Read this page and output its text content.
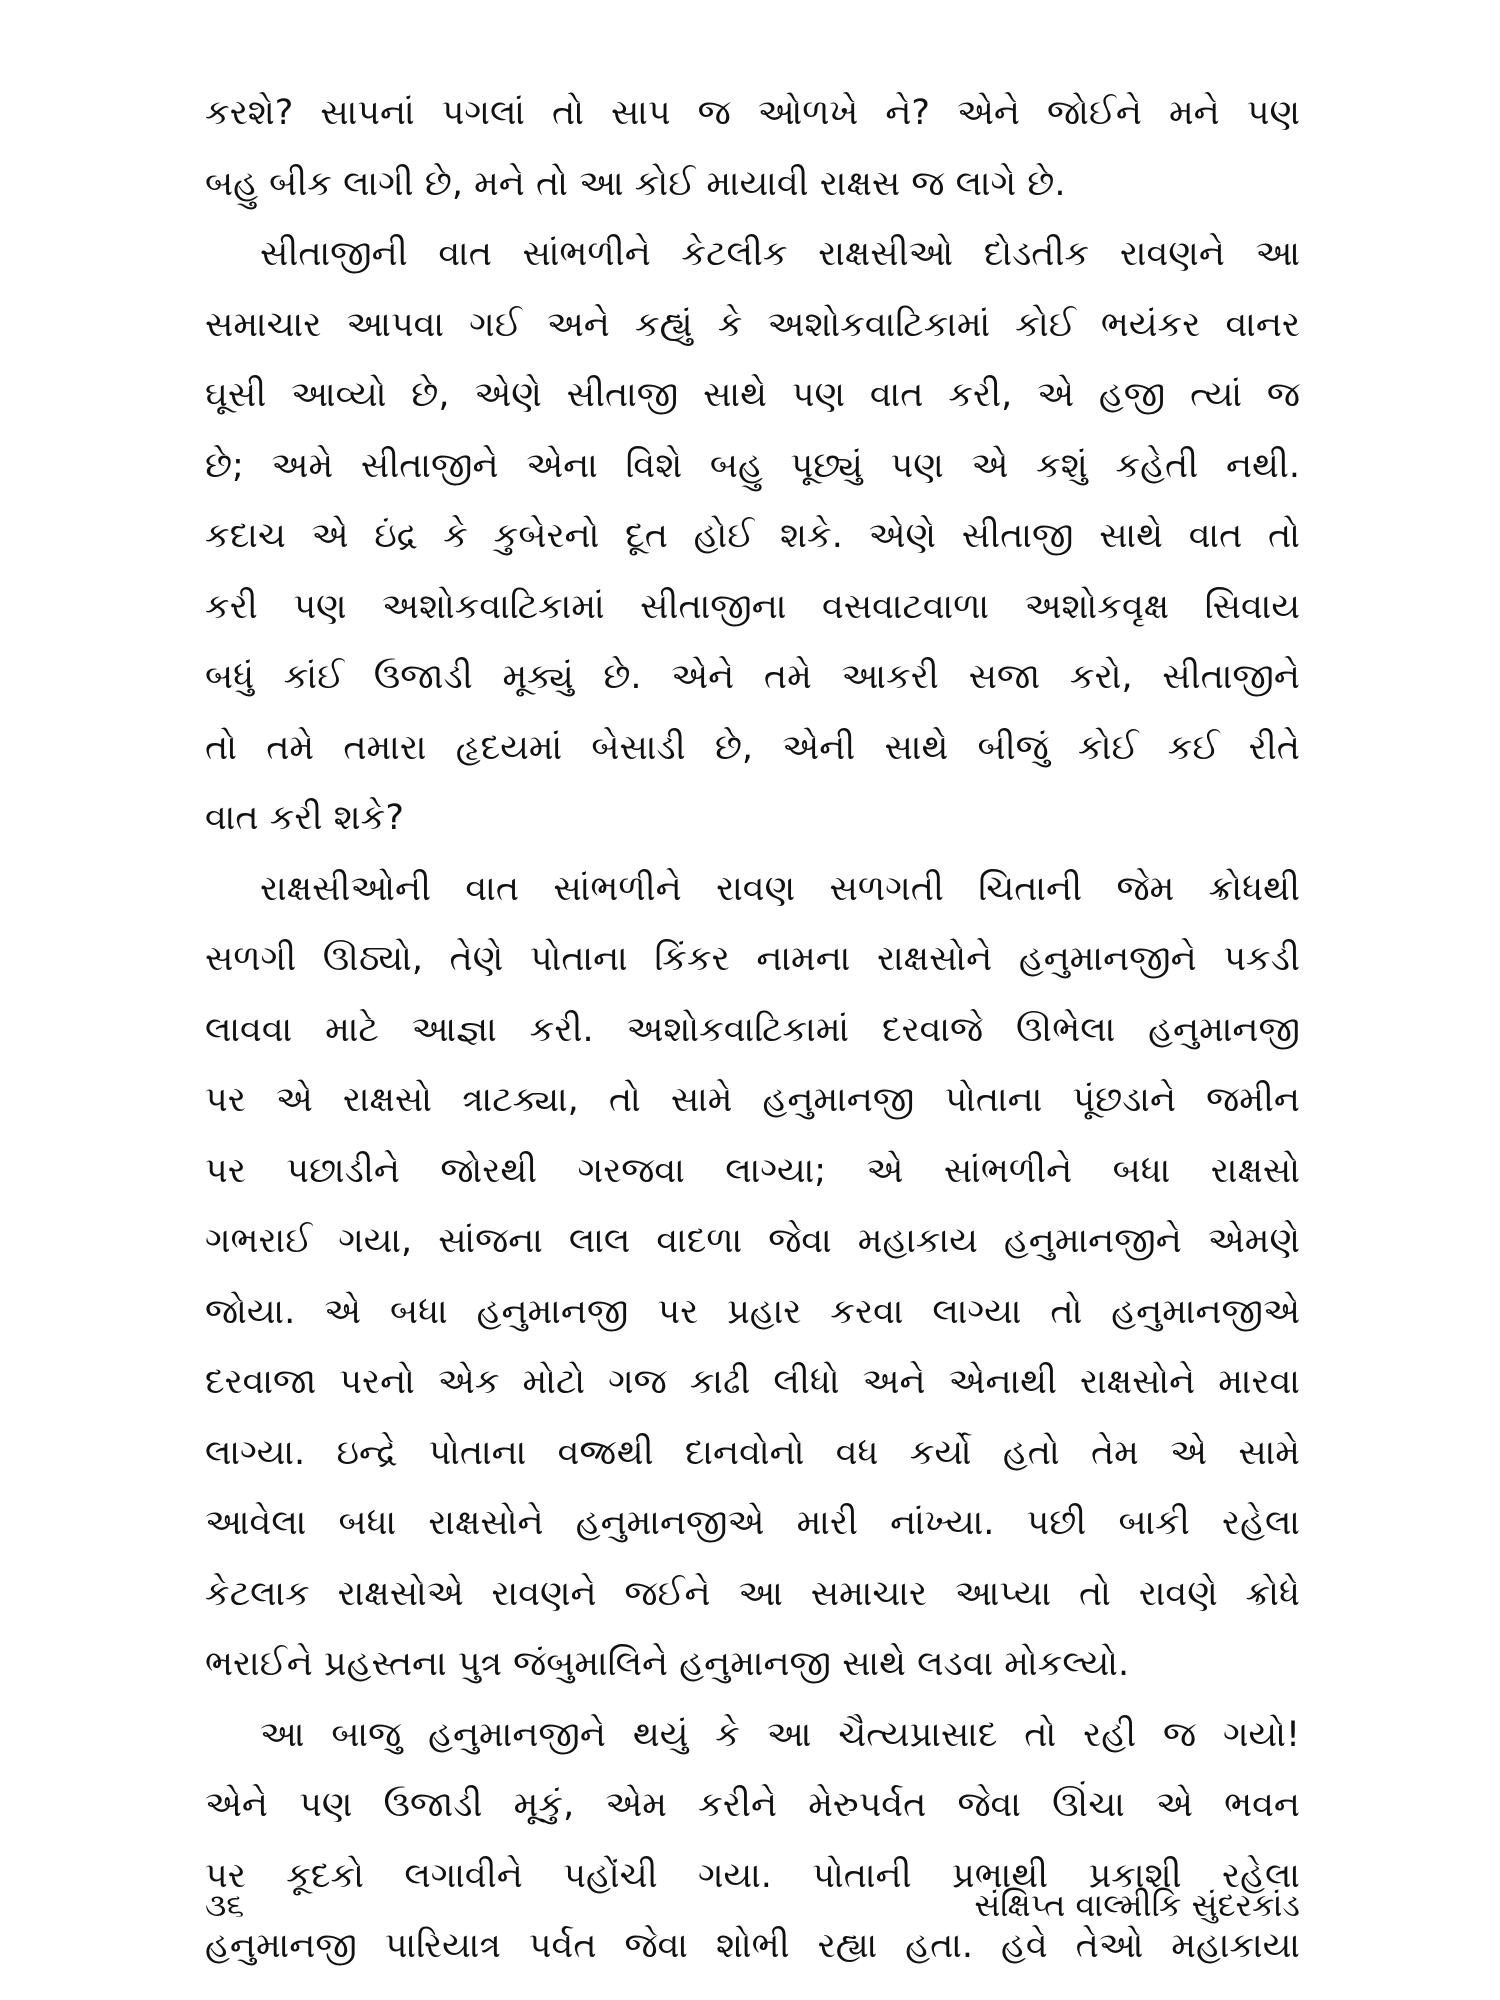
કરશે? સાપનાં પગલાં તો સાપ જ ઓળખે ને? એને જોઈને મને પણ
બહુ બીક લાગી છે, મને તો આ કોઈ માયાવી રાક્ષસ જ લાગે છે.
સીતાજીની વાત સાંભળીને કેટલીક રાક્ષસીઓ દોડતીક રાવણને આ
સમાચાર આપવા ગઈ અને કહ્યું કે અશોકવાટિકામાં કોઈ ભયંકર વાનર
ઘૂસી આવ્યો છે, એણે સીતાજી સાથે પણ વાત કરી, એ હજી ત્યાં જ
છે; અમે સીતાજીને એના વિશે બહુ પૂછ્યું પણ એ કશું કહેતી નથી.
કદાચ એ ઇંદ્ર કે કુબેરનો દૂત હોઈ શકે. એણે સીતાજી સાથે વાત તો
કરી પણ અશોકવાટિકામાં સીતાજીના વસવાટવાળા અશોકવૃક્ષ સિવાય
બધું કાંઈ ઉજાડી મૂક્યું છે. એને તમે આકરી સજા કરો, સીતાજીને
તો તમે તમારા હૃદયમાં બેસાડી છે, એની સાથે બીજું કોઈ કઈ રીતે
વાત કરી શકે?
રાક્ષસીઓની વાત સાંભળીને રાવણ સળગતી ચિતાની જેમ ક્રોધથી
સળગી ઊઠ્યો, તેણે પોતાના કિંકર નામના રાક્ષસોને હનુમાનજીને પકડી
લાવવા માટે આજ્ઞા કરી. અશોકવાટિકામાં દરવાજે ઊભેલા હનુમાનજી
પર એ રાક્ષસો ત્રાટક્યા, તો સામે હનુમાનજી પોતાના પૂંછડાને જમીન
પર પછાડીને જોરથી ગરજવા લાગ્યા; એ સાંભળીને બધા રાક્ષસો
ગભરાઈ ગયા, સાંજના લાલ વાદળા જેવા મહાકાય હનુમાનજીને એમણે
જોયા. એ બધા હનુમાનજી પર પ્રહાર કરવા લાગ્યા તો હનુમાનજીએ
દરવાજા પરનો એક મોટો ગજ કાઢી લીધો અને એનાથી રાક્ષસોને મારવા
લાગ્યા. ઇન્દ્રે પોતાના વજ્રથી દાનવોનો વધ કર્યો હતો તેમ એ સામે
આવેલા બધા રાક્ષસોને હનુમાનજીએ મારી નાંખ્યા. પછી બાકી રહેલા
કેટલાક રાક્ષસોએ રાવણને જઈને આ સમાચાર આપ્યા તો રાવણે ક્રોધે
ભરાઈને પ્રહસ્તના પુત્ર જંબુમાલિને હનુમાનજી સાથે લડવા મોકલ્યો.
આ બાજુ હનુમાનજીને થયું કે આ ચૈત્યપ્રાસાદ તો રહી જ ગયો!
એને પણ ઉજાડી મૂકું, એમ કરીને મેરુપર્વત જેવા ઊંચા એ ભવન
પર કૂદકો લગાવીને પહોંચી ગયા. પોતાની પ્રભાથી પ્રકાશી રહેલા
હનુમાનજી પારિયાત્ર પર્વત જેવા શોભી રહ્યા હતા. હવે તેઓ મહાકાયા
૩૬	સંક્ષિપ્ત વાલ્મીકિ સુંદરકાંડ
